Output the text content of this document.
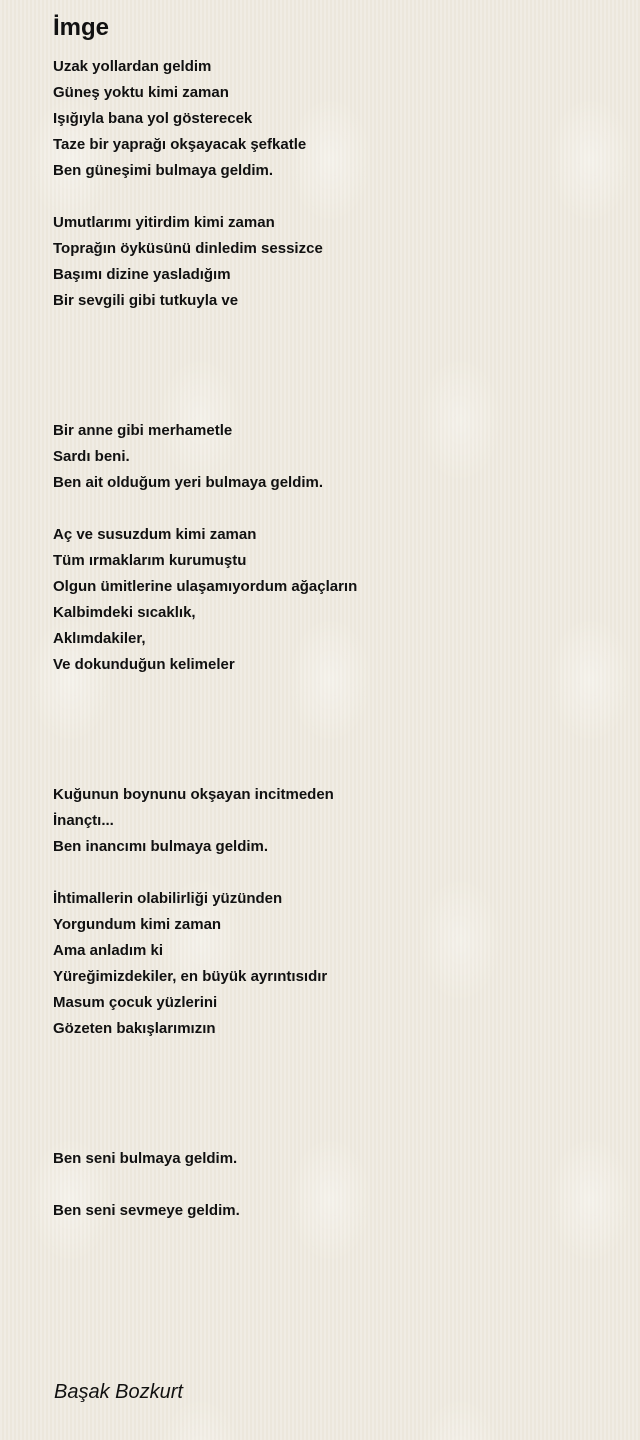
İmge
Uzak yollardan geldim
Güneş yoktu kimi zaman
Işığıyla bana yol gösterecek
Taze bir yaprağı okşayacak şefkatle
Ben güneşimi bulmaya geldim.
Umutlarımı yitirdim kimi zaman
Toprağın öyküsünü dinledim sessizce
Başımı dizine yasladığım
Bir sevgili gibi tutkuyla ve
Bir anne gibi merhametle
Sardı beni.
Ben ait olduğum yeri bulmaya geldim.
Aç ve susuzdum kimi zaman
Tüm ırmaklarım kurumuştu
Olgun ümitlerine ulaşamıyordum ağaçların
Kalbimdeki sıcaklık,
Aklımdakiler,
Ve dokunduğun kelimeler
Kuğunun boynunu okşayan incitmeden
İnançtı...
Ben inancımı bulmaya geldim.
İhtimallerin olabilirliği yüzünden
Yorgundum kimi zaman
Ama anladım ki
Yüreğimizdekiler, en büyük ayrıntısıdır
Masum çocuk yüzlerini
Gözeten bakışlarımızın
Ben seni bulmaya geldim.
Ben seni sevmeye geldim.
Başak Bozkurt
